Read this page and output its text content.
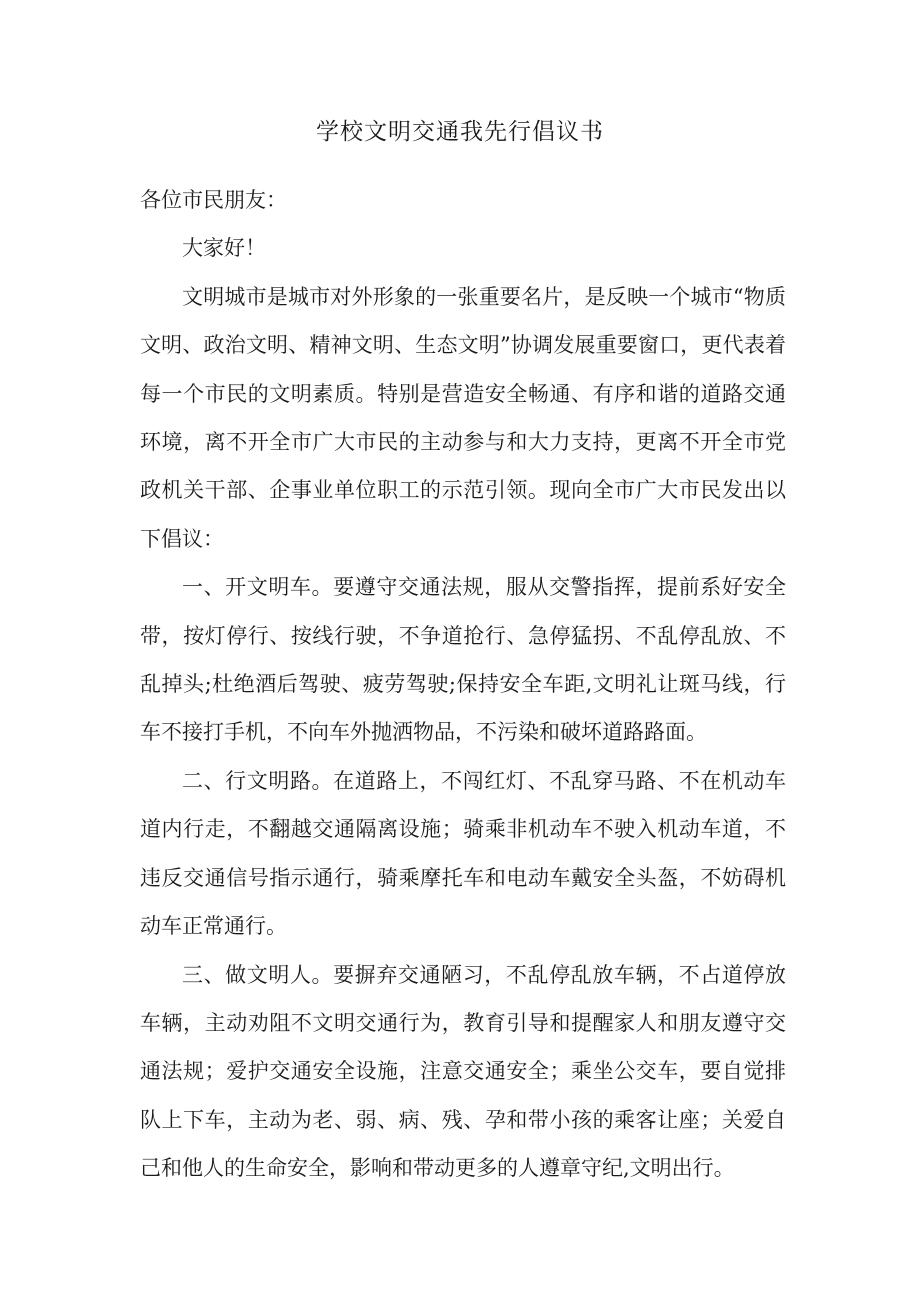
学校文明交通我先行倡议书

各位市民朋友：

大家好！

文明城市是城市对外形象的一张重要名片，是反映一个城市“物质文明、政治文明、精神文明、生态文明”协调发展重要窗口，更代表着每一个市民的文明素质。特别是营造安全畅通、有序和谐的道路交通环境，离不开全市广大市民的主动参与和大力支持，更离不开全市党政机关干部、企事业单位职工的示范引领。现向全市广大市民发出以下倡议：

一、开文明车。要遵守交通法规，服从交警指挥，提前系好安全带，按灯停行、按线行驶，不争道抢行、急停猛拐、不乱停乱放、不乱掉头;杜绝酒后驾驶、疲劳驾驶;保持安全车距,文明礼让斑马线，行车不接打手机，不向车外抛洒物品，不污染和破坏道路路面。

二、行文明路。在道路上，不闯红灯、不乱穿马路、不在机动车道内行走，不翻越交通隔离设施；骑乘非机动车不驶入机动车道，不违反交通信号指示通行，骑乘摩托车和电动车戴安全头盔，不妨碍机动车正常通行。

三、做文明人。要摒弃交通陋习，不乱停乱放车辆，不占道停放车辆，主动劝阻不文明交通行为，教育引导和提醒家人和朋友遵守交通法规；爱护交通安全设施，注意交通安全；乘坐公交车，要自觉排队上下车，主动为老、弱、病、残、孕和带小孩的乘客让座；关爱自己和他人的生命安全，影响和带动更多的人遵章守纪,文明出行。
